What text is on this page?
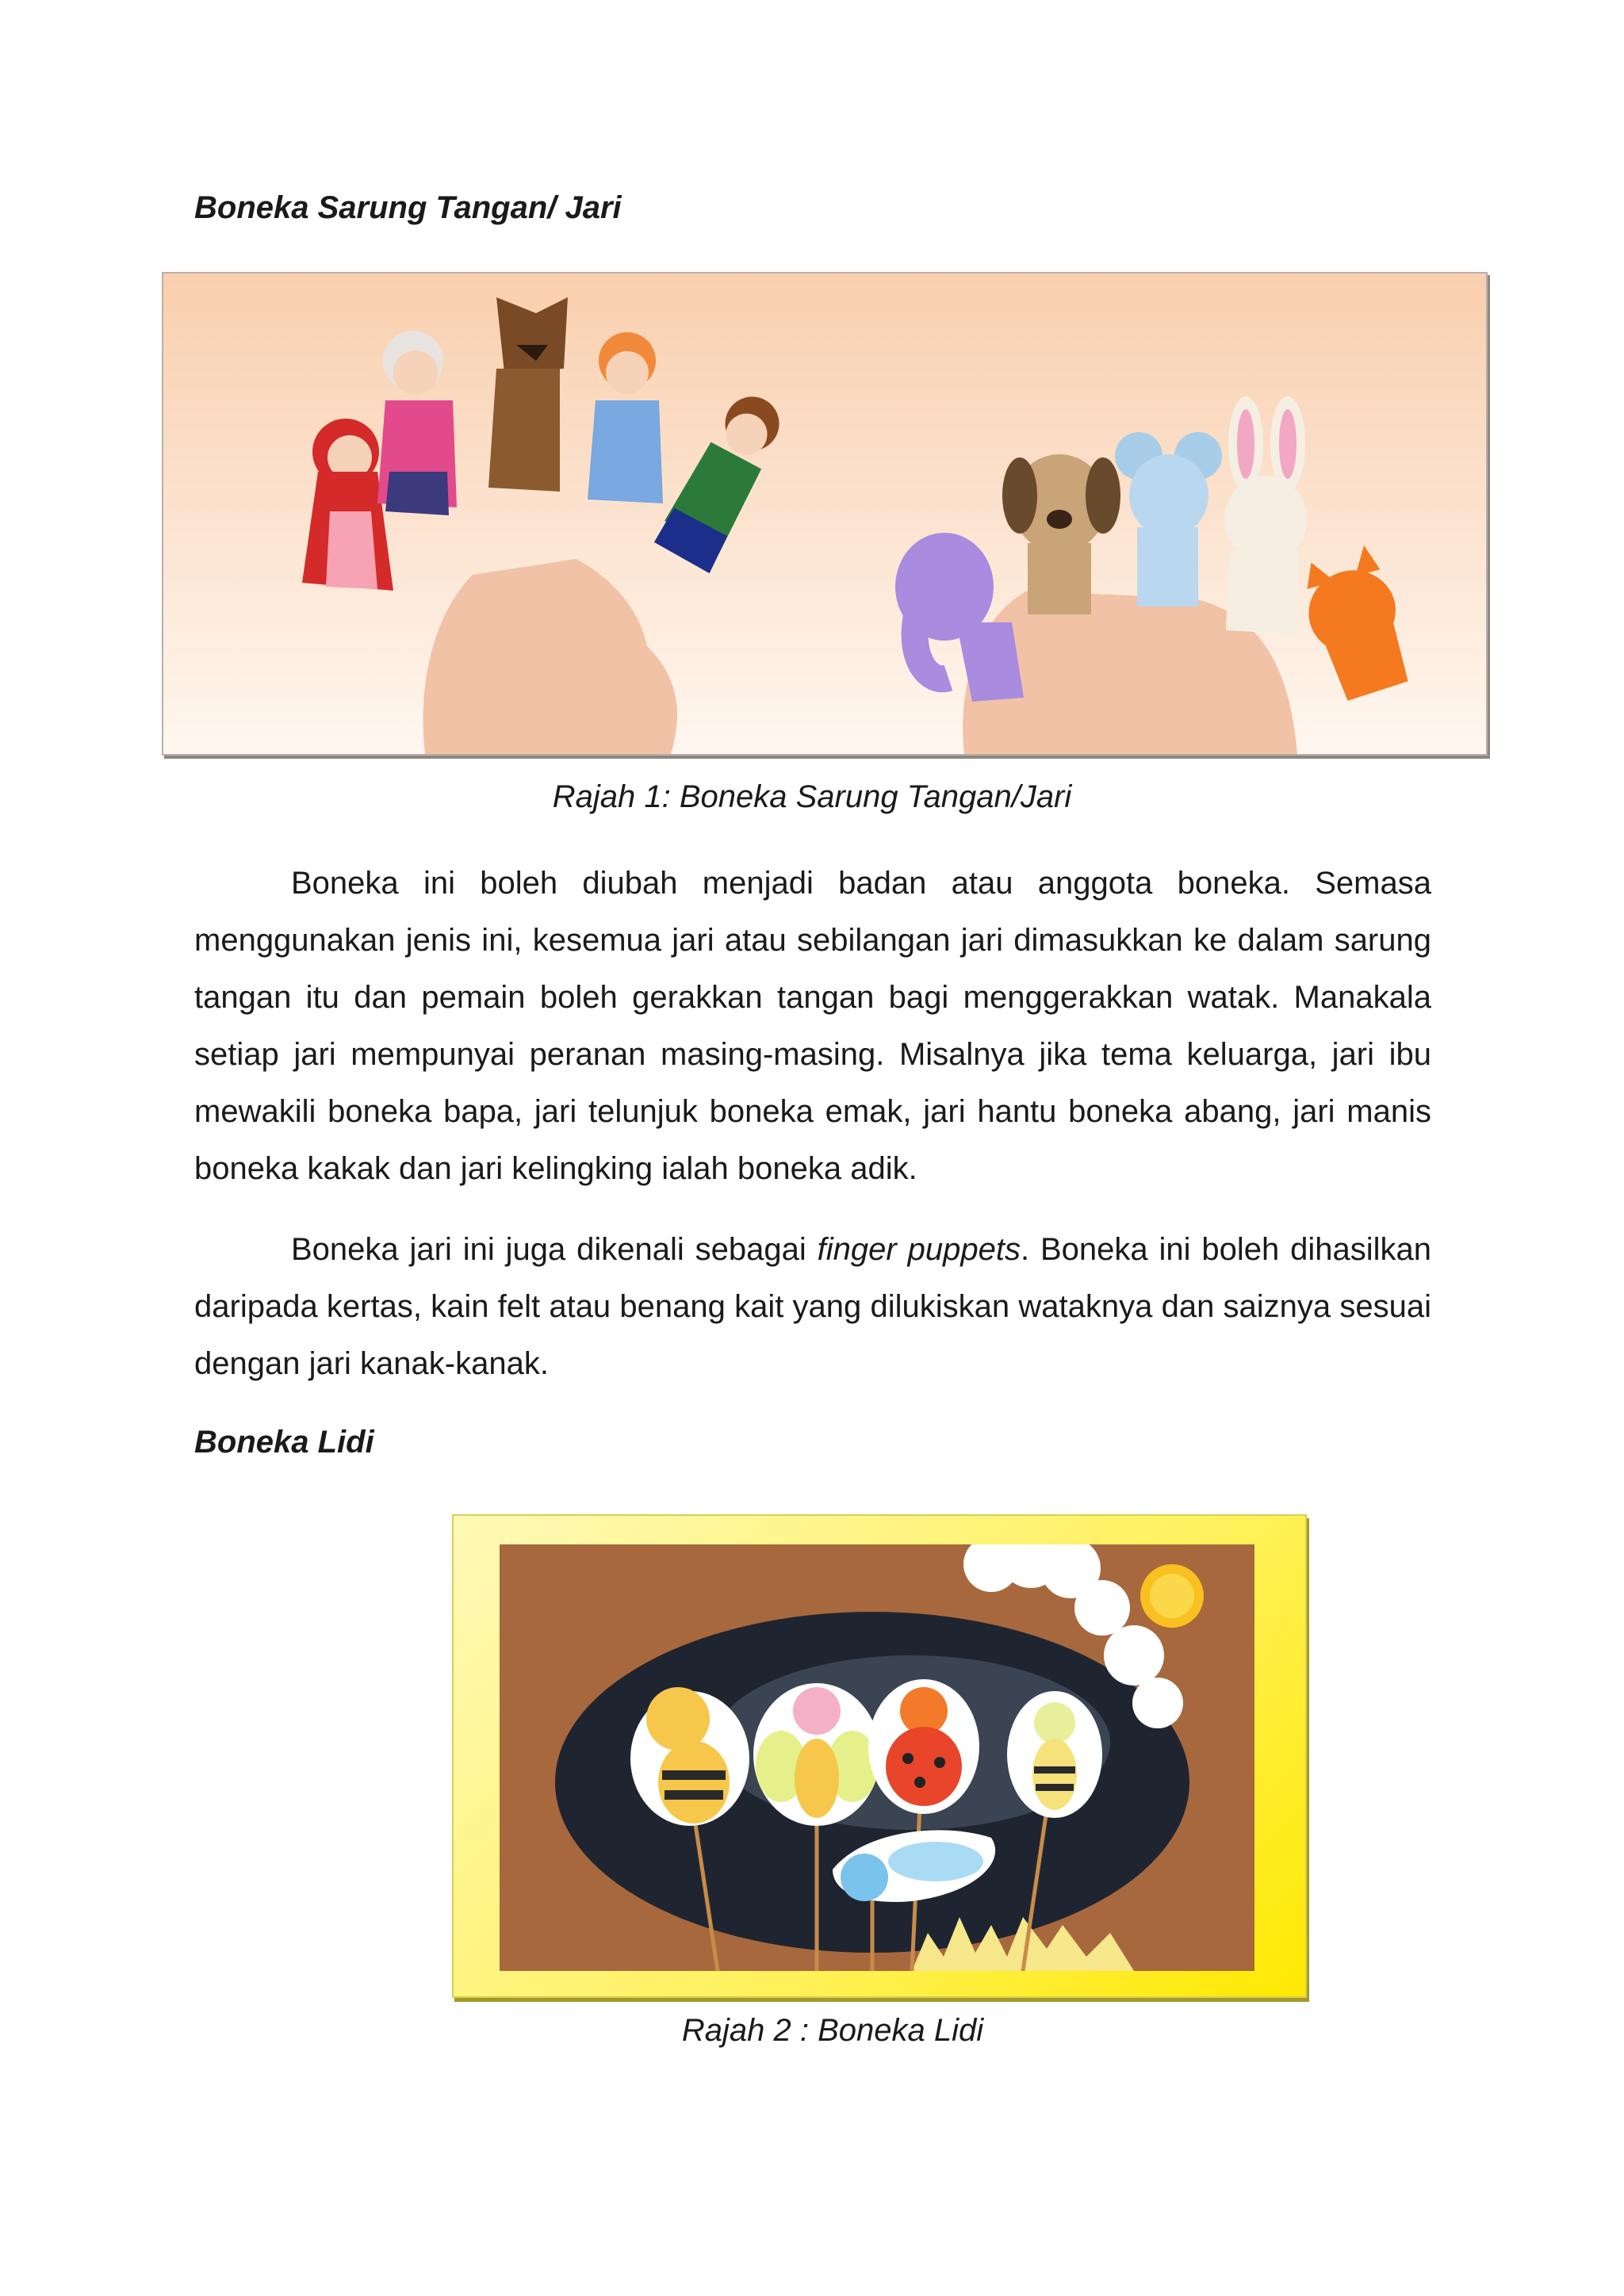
Boneka Sarung Tangan/ Jari

Rajah 1: Boneka Sarung Tangan/Jari

Boneka ini boleh diubah menjadi badan atau anggota boneka. Semasa menggunakan jenis ini, kesemua jari atau sebilangan jari dimasukkan ke dalam sarung tangan itu dan pemain boleh gerakkan tangan bagi menggerakkan watak. Manakala setiap jari mempunyai peranan masing-masing. Misalnya jika tema keluarga, jari ibu mewakili boneka bapa, jari telunjuk boneka emak, jari hantu boneka abang, jari manis boneka kakak dan jari kelingking ialah boneka adik.

Boneka jari ini juga dikenali sebagai finger puppets. Boneka ini boleh dihasilkan daripada kertas, kain felt atau benang kait yang dilukiskan wataknya dan saiznya sesuai dengan jari kanak-kanak.

Boneka Lidi

Rajah 2 : Boneka Lidi
